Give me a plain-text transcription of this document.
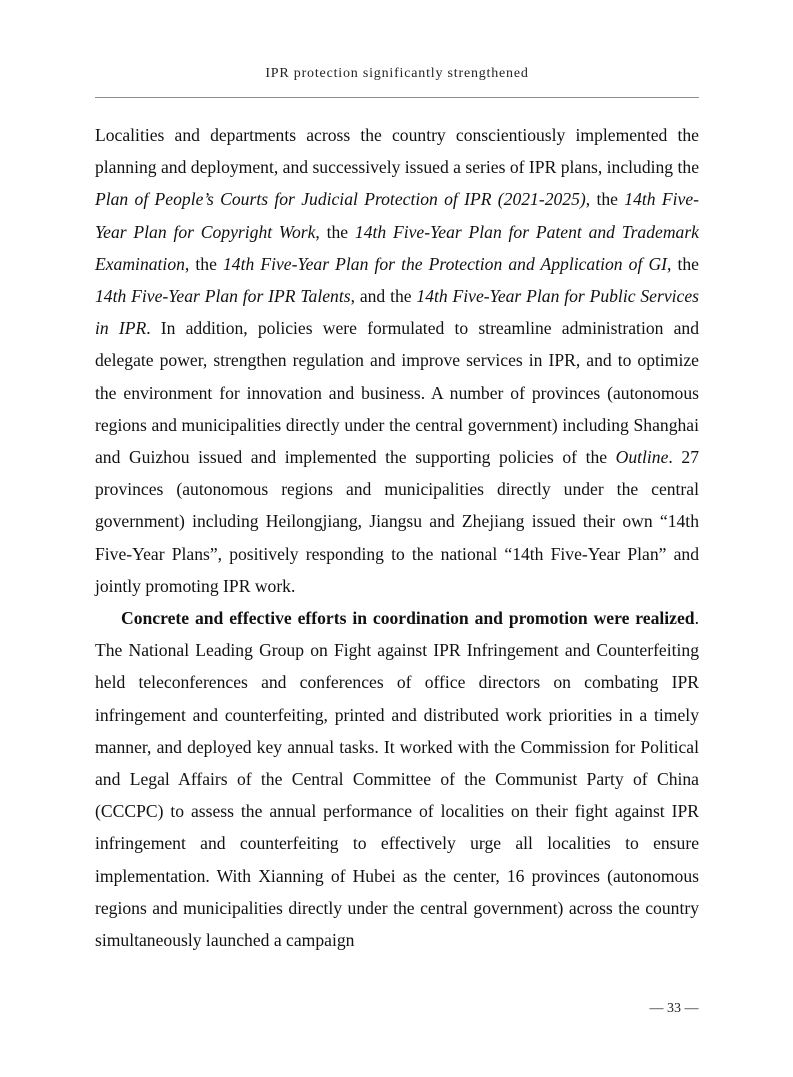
IPR protection significantly strengthened

Localities and departments across the country conscientiously implemented the planning and deployment, and successively issued a series of IPR plans, including the Plan of People’s Courts for Judicial Protection of IPR (2021-2025), the 14th Five-Year Plan for Copyright Work, the 14th Five-Year Plan for Patent and Trademark Examination, the 14th Five-Year Plan for the Protection and Application of GI, the 14th Five-Year Plan for IPR Talents, and the 14th Five-Year Plan for Public Services in IPR. In addition, policies were formulated to streamline administration and delegate power, strengthen regulation and improve services in IPR, and to optimize the environment for innovation and business. A number of provinces (autonomous regions and municipalities directly under the central government) including Shanghai and Guizhou issued and implemented the supporting policies of the Outline. 27 provinces (autonomous regions and municipalities directly under the central government) including Heilongjiang, Jiangsu and Zhejiang issued their own “14th Five-Year Plans”, positively responding to the national “14th Five-Year Plan” and jointly promoting IPR work.

Concrete and effective efforts in coordination and promotion were realized. The National Leading Group on Fight against IPR Infringement and Counterfeiting held teleconferences and conferences of office directors on combating IPR infringement and counterfeiting, printed and distributed work priorities in a timely manner, and deployed key annual tasks. It worked with the Commission for Political and Legal Affairs of the Central Committee of the Communist Party of China (CCCPC) to assess the annual performance of localities on their fight against IPR infringement and counterfeiting to effectively urge all localities to ensure implementation. With Xianning of Hubei as the center, 16 provinces (autonomous regions and municipalities directly under the central government) across the country simultaneously launched a campaign

— 33 —
